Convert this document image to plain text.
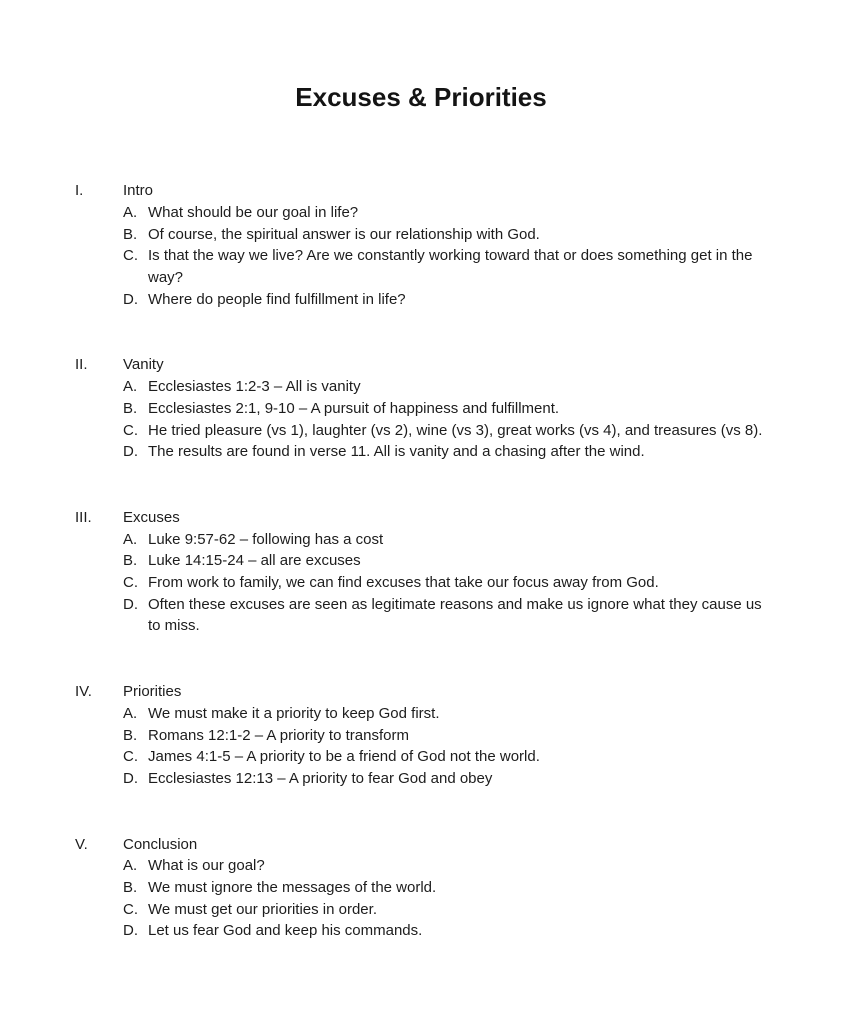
Excuses & Priorities
I.	Intro
A. What should be our goal in life?
B. Of course, the spiritual answer is our relationship with God.
C. Is that the way we live? Are we constantly working toward that or does something get in the way?
D. Where do people find fulfillment in life?
II.	Vanity
A. Ecclesiastes 1:2-3 – All is vanity
B. Ecclesiastes 2:1, 9-10 – A pursuit of happiness and fulfillment.
C. He tried pleasure (vs 1), laughter (vs 2), wine (vs 3), great works (vs 4), and treasures (vs 8).
D. The results are found in verse 11. All is vanity and a chasing after the wind.
III.	Excuses
A. Luke 9:57-62 – following has a cost
B. Luke 14:15-24 – all are excuses
C. From work to family, we can find excuses that take our focus away from God.
D. Often these excuses are seen as legitimate reasons and make us ignore what they cause us to miss.
IV.	Priorities
A. We must make it a priority to keep God first.
B. Romans 12:1-2 – A priority to transform
C. James 4:1-5 – A priority to be a friend of God not the world.
D. Ecclesiastes 12:13 – A priority to fear God and obey
V.	Conclusion
A. What is our goal?
B. We must ignore the messages of the world.
C. We must get our priorities in order.
D. Let us fear God and keep his commands.
